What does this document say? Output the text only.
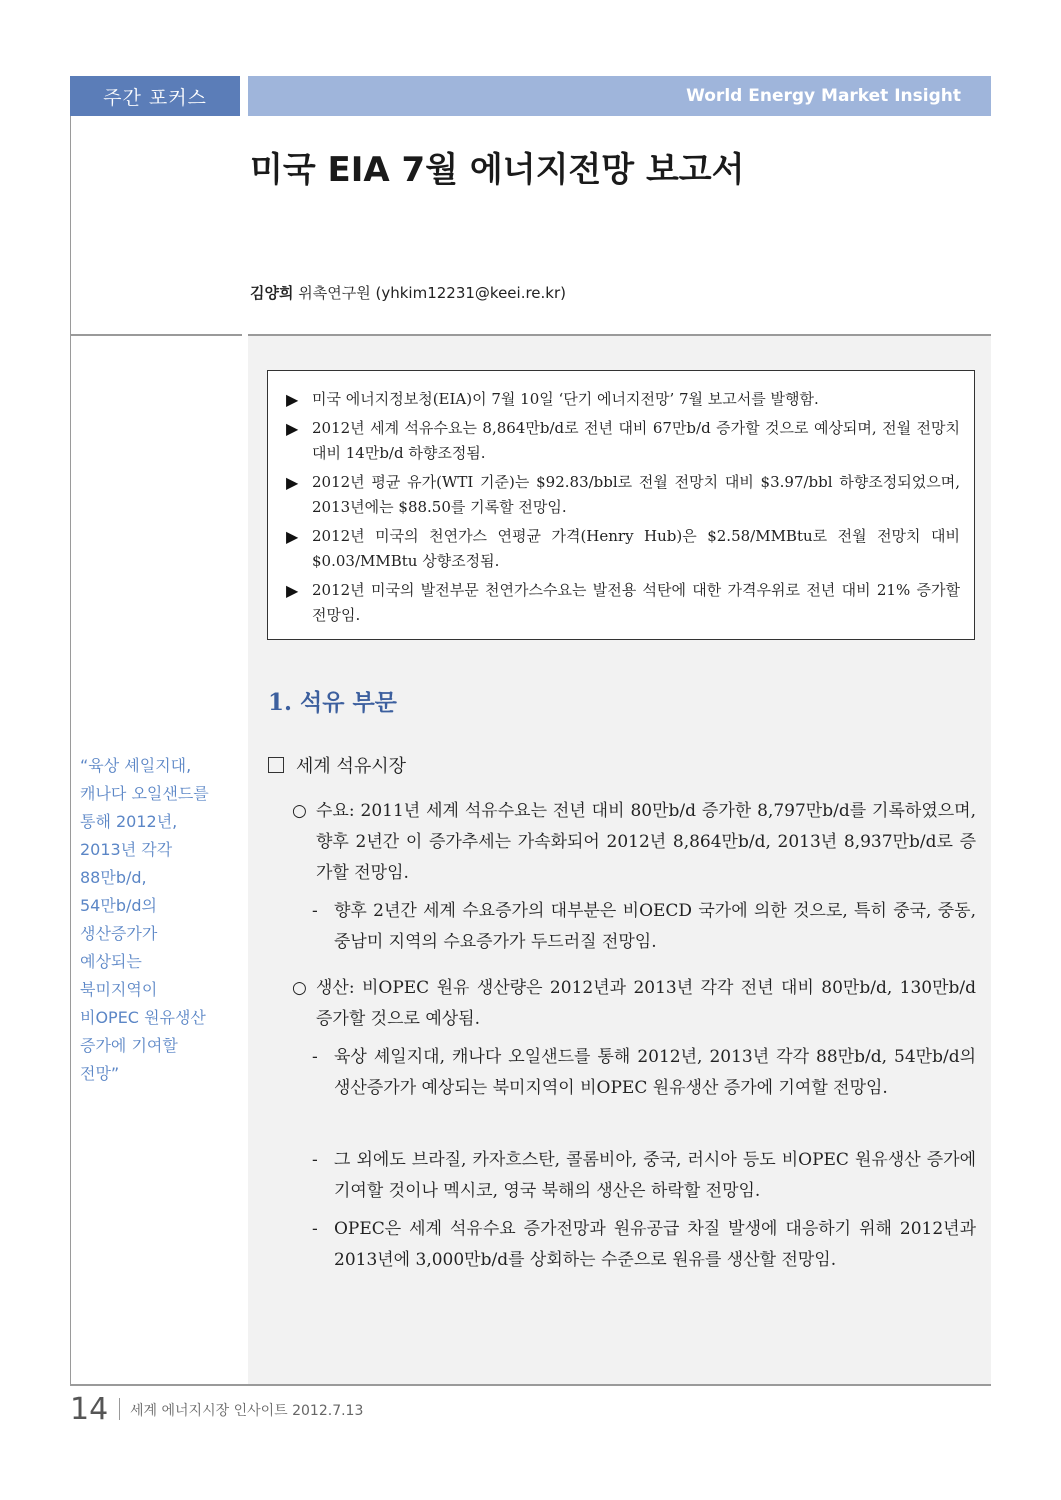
주간 포커스	World Energy Market Insight
미국 EIA 7월 에너지전망 보고서
김양희 위촉연구원 (yhkim12231@keei.re.kr)
▶ 미국 에너지정보청(EIA)이 7월 10일 ‘단기 에너지전망’ 7월 보고서를 발행함.
▶ 2012년 세계 석유수요는 8,864만b/d로 전년 대비 67만b/d 증가할 것으로 예상되며, 전월 전망치 대비 14만b/d 하향조정됨.
▶ 2012년 평균 유가(WTI 기준)는 $92.83/bbl로 전월 전망치 대비 $3.97/bbl 하향조정되었으며, 2013년에는 $88.50를 기록할 전망임.
▶ 2012년 미국의 천연가스 연평균 가격(Henry Hub)은 $2.58/MMBtu로 전월 전망치 대비 $0.03/MMBtu 상향조정됨.
▶ 2012년 미국의 발전부문 천연가스수요는 발전용 석탄에 대한 가격우위로 전년 대비 21% 증가할 전망임.
1. 석유 부문
세계 석유시장
○ 수요: 2011년 세계 석유수요는 전년 대비 80만b/d 증가한 8,797만b/d를 기록하였으며, 향후 2년간 이 증가추세는 가속화되어 2012년 8,864만b/d, 2013년 8,937만b/d로 증가할 전망임.
- 향후 2년간 세계 수요증가의 대부분은 비OECD 국가에 의한 것으로, 특히 중국, 중동, 중남미 지역의 수요증가가 두드러질 전망임.
○ 생산: 비OPEC 원유 생산량은 2012년과 2013년 각각 전년 대비 80만b/d, 130만b/d 증가할 것으로 예상됨.
- 육상 셰일지대, 캐나다 오일샌드를 통해 2012년, 2013년 각각 88만b/d, 54만b/d의 생산증가가 예상되는 북미지역이 비OPEC 원유생산 증가에 기여할 전망임.
- 그 외에도 브라질, 카자흐스탄, 콜롬비아, 중국, 러시아 등도 비OPEC 원유생산 증가에 기여할 것이나 멕시코, 영국 북해의 생산은 하락할 전망임.
- OPEC은 세계 석유수요 증가전망과 원유공급 차질 발생에 대응하기 위해 2012년과 2013년에 3,000만b/d를 상회하는 수준으로 원유를 생산할 전망임.
“육상 셰일지대,
캐나다 오일샌드를
통해 2012년,
2013년 각각
88만b/d,
54만b/d의
생산증가가
예상되는
북미지역이
비OPEC 원유생산
증가에 기여할
전망”
14 세계 에너지시장 인사이트 2012.7.13
